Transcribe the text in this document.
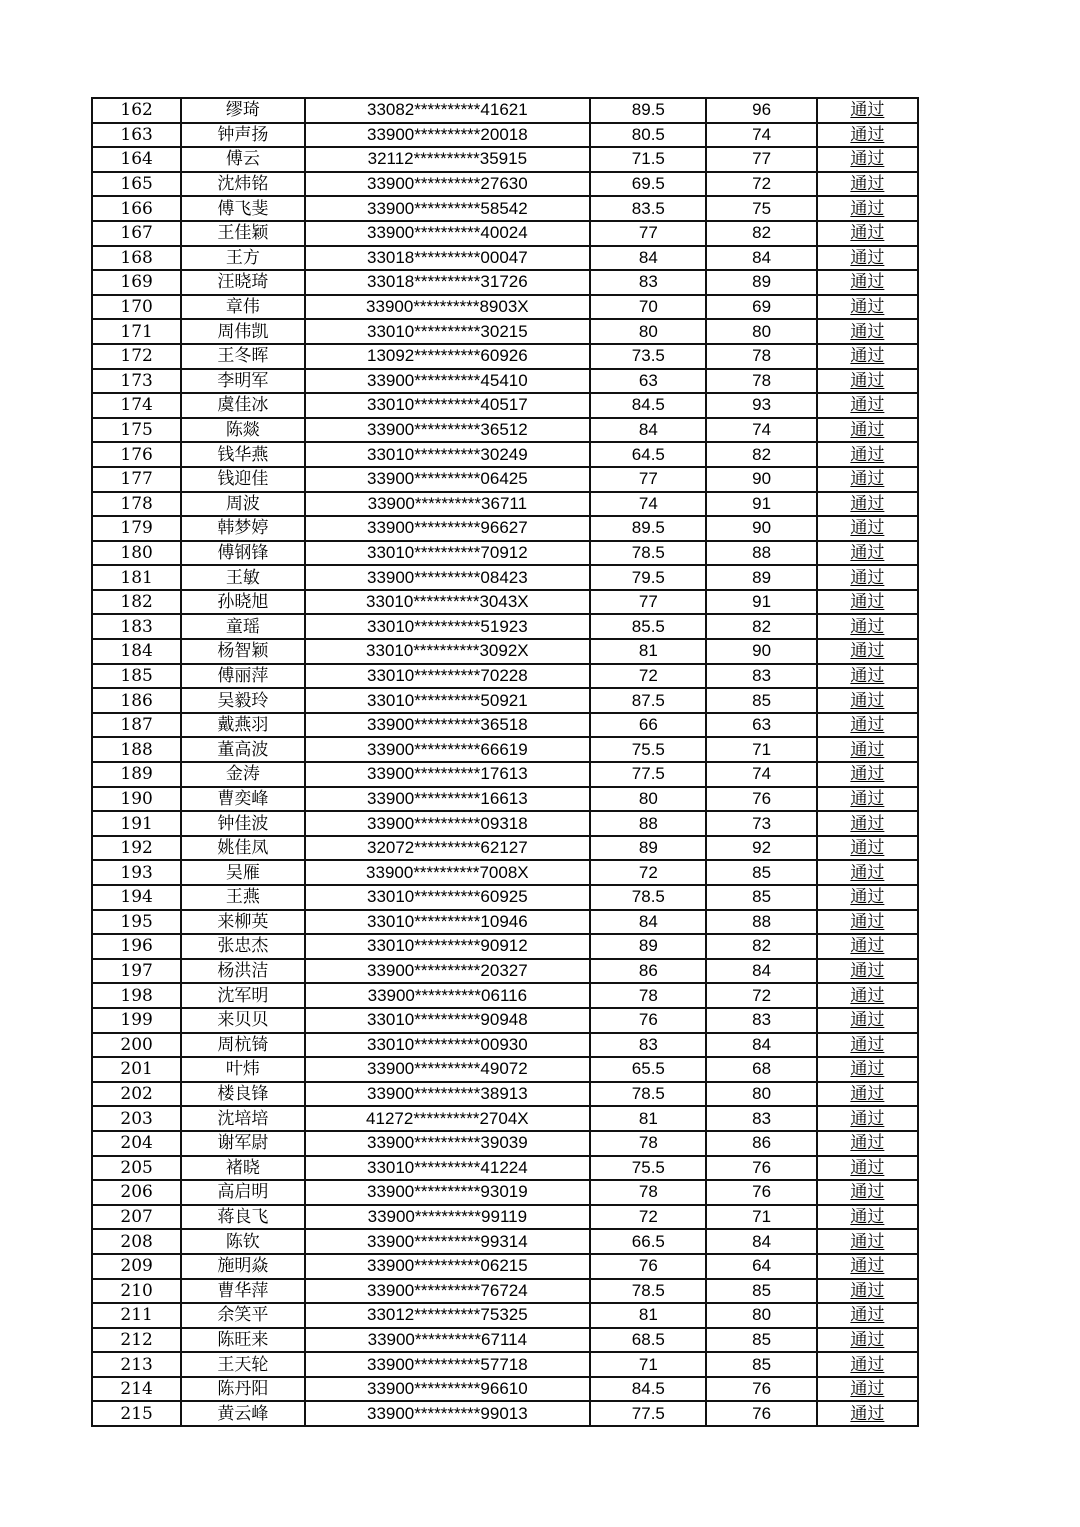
162	缪琦	33082**********41621	89.5	96	通过
163	钟声扬	33900**********20018	80.5	74	通过
164	傅云	32112**********35915	71.5	77	通过
165	沈炜铭	33900**********27630	69.5	72	通过
166	傅飞斐	33900**********58542	83.5	75	通过
167	王佳颖	33900**********40024	77	82	通过
168	王方	33018**********00047	84	84	通过
169	汪晓琦	33018**********31726	83	89	通过
170	章伟	33900**********8903X	70	69	通过
171	周伟凯	33010**********30215	80	80	通过
172	王冬晖	13092**********60926	73.5	78	通过
173	李明军	33900**********45410	63	78	通过
174	虞佳冰	33010**********40517	84.5	93	通过
175	陈燚	33900**********36512	84	74	通过
176	钱华燕	33010**********30249	64.5	82	通过
177	钱迎佳	33900**********06425	77	90	通过
178	周波	33900**********36711	74	91	通过
179	韩梦婷	33900**********96627	89.5	90	通过
180	傅钢锋	33010**********70912	78.5	88	通过
181	王敏	33900**********08423	79.5	89	通过
182	孙晓旭	33010**********3043X	77	91	通过
183	童瑶	33010**********51923	85.5	82	通过
184	杨智颖	33010**********3092X	81	90	通过
185	傅丽萍	33010**********70228	72	83	通过
186	吴毅玲	33010**********50921	87.5	85	通过
187	戴燕羽	33900**********36518	66	63	通过
188	董高波	33900**********66619	75.5	71	通过
189	金涛	33900**********17613	77.5	74	通过
190	曹奕峰	33900**********16613	80	76	通过
191	钟佳波	33900**********09318	88	73	通过
192	姚佳凤	32072**********62127	89	92	通过
193	吴雁	33900**********7008X	72	85	通过
194	王燕	33010**********60925	78.5	85	通过
195	来柳英	33010**********10946	84	88	通过
196	张忠杰	33010**********90912	89	82	通过
197	杨洪洁	33900**********20327	86	84	通过
198	沈军明	33900**********06116	78	72	通过
199	来贝贝	33010**********90948	76	83	通过
200	周杭锜	33010**********00930	83	84	通过
201	叶炜	33900**********49072	65.5	68	通过
202	楼良锋	33900**********38913	78.5	80	通过
203	沈培培	41272**********2704X	81	83	通过
204	谢军尉	33900**********39039	78	86	通过
205	褚晓	33010**********41224	75.5	76	通过
206	高启明	33900**********93019	78	76	通过
207	蒋良飞	33900**********99119	72	71	通过
208	陈钦	33900**********99314	66.5	84	通过
209	施明焱	33900**********06215	76	64	通过
210	曹华萍	33900**********76724	78.5	85	通过
211	余笑平	33012**********75325	81	80	通过
212	陈旺来	33900**********67114	68.5	85	通过
213	王天轮	33900**********57718	71	85	通过
214	陈丹阳	33900**********96610	84.5	76	通过
215	黄云峰	33900**********99013	77.5	76	通过
